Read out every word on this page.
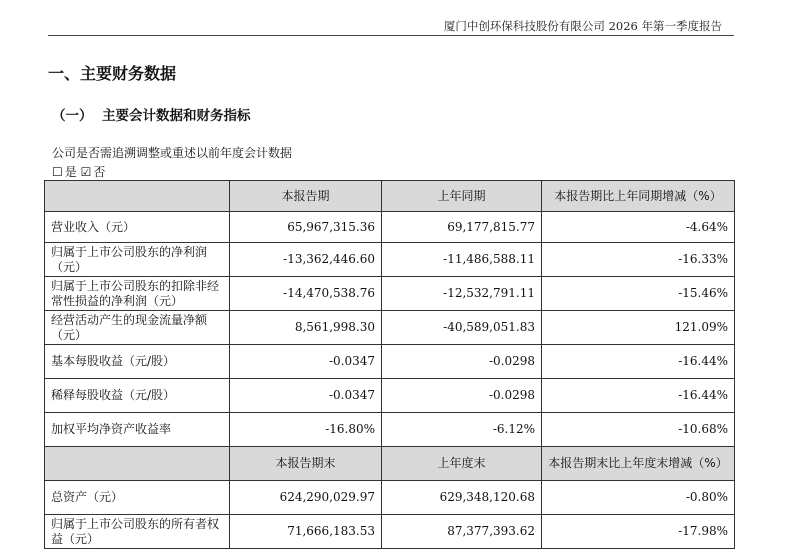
厦门中创环保科技股份有限公司 2026 年第一季度报告
一、主要财务数据
（一） 主要会计数据和财务指标
公司是否需追溯调整或重述以前年度会计数据
☐ 是 ☑ 否
	本报告期	上年同期	本报告期比上年同期增减（%）
营业收入（元）	65,967,315.36	69,177,815.77	-4.64%
归属于上市公司股东的净利润（元）	-13,362,446.60	-11,486,588.11	-16.33%
归属于上市公司股东的扣除非经常性损益的净利润（元）	-14,470,538.76	-12,532,791.11	-15.46%
经营活动产生的现金流量净额（元）	8,561,998.30	-40,589,051.83	121.09%
基本每股收益（元/股）	-0.0347	-0.0298	-16.44%
稀释每股收益（元/股）	-0.0347	-0.0298	-16.44%
加权平均净资产收益率	-16.80%	-6.12%	-10.68%
	本报告期末	上年度末	本报告期末比上年度末增减（%）
总资产（元）	624,290,029.97	629,348,120.68	-0.80%
归属于上市公司股东的所有者权益（元）	71,666,183.53	87,377,393.62	-17.98%
